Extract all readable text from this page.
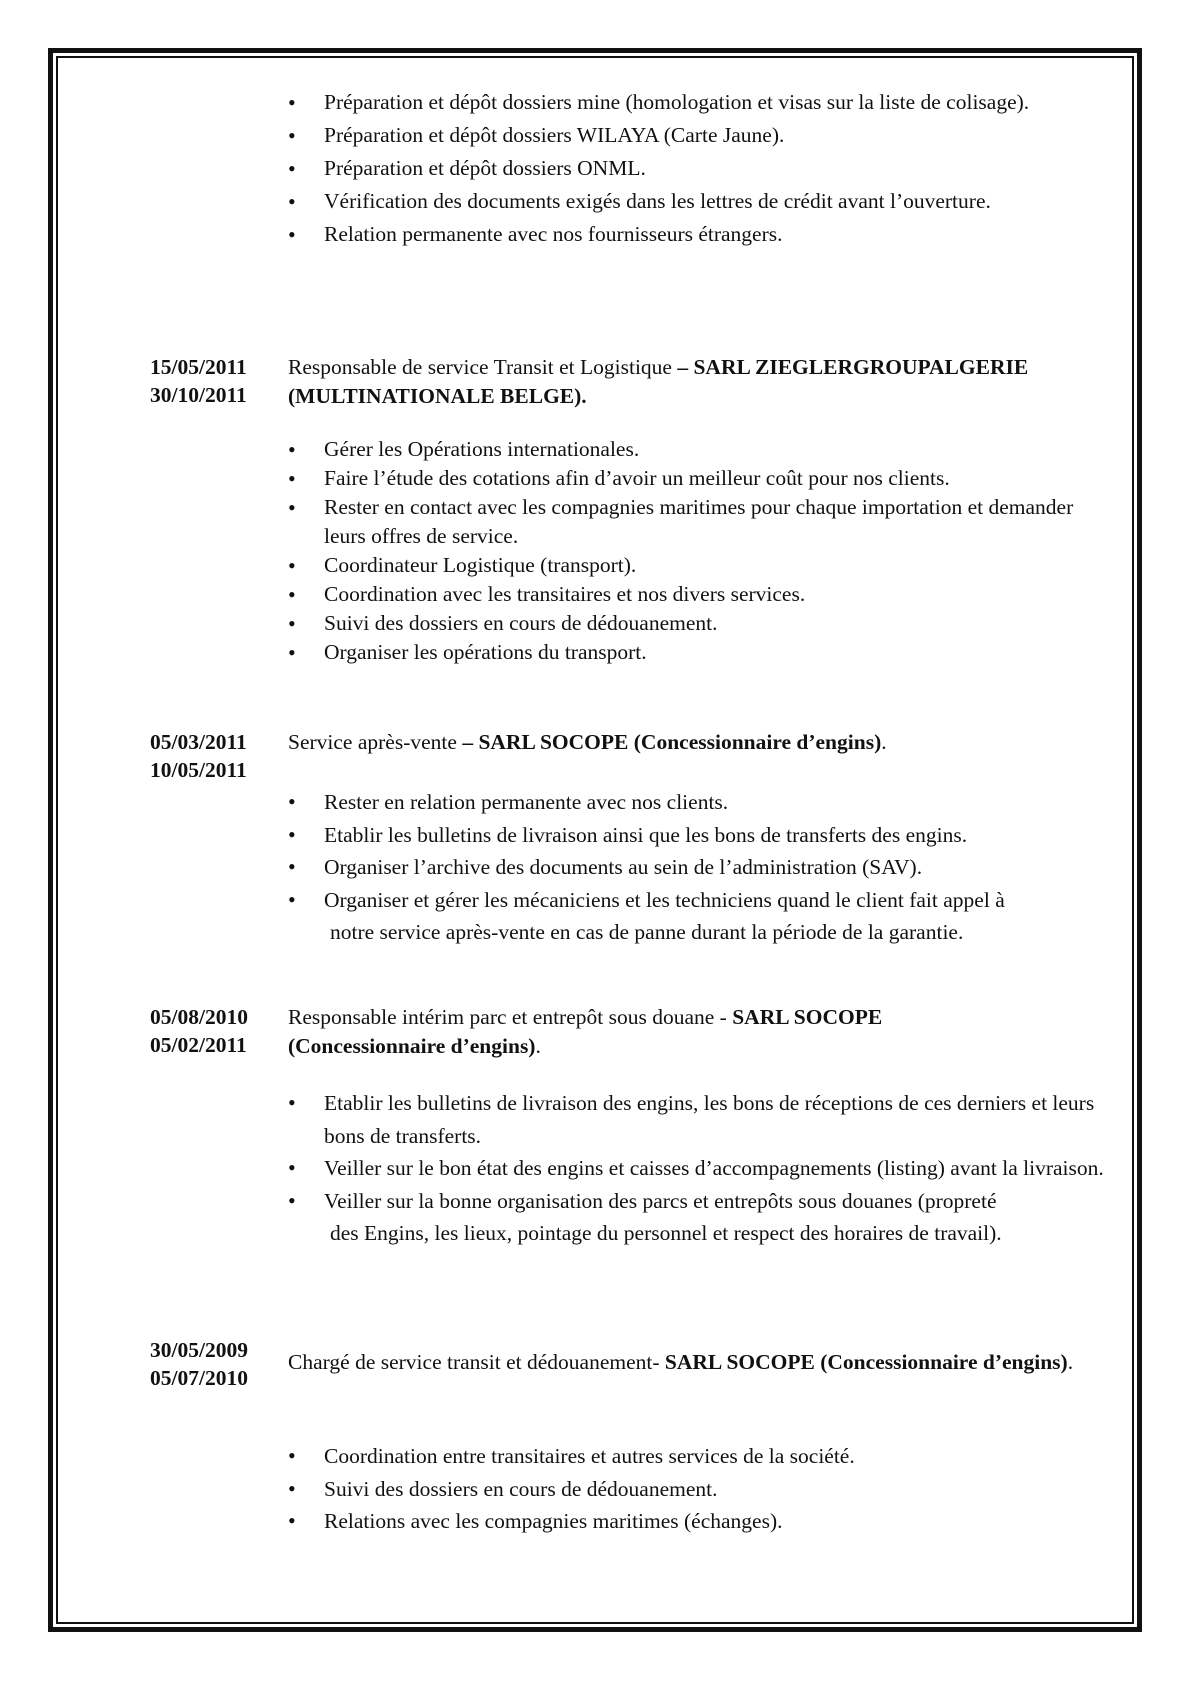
• Préparation et dépôt dossiers mine (homologation et visas sur la liste de colisage).
• Préparation et dépôt dossiers WILAYA (Carte Jaune).
• Préparation et dépôt dossiers ONML.
• Vérification des documents exigés dans les lettres de crédit avant l’ouverture.
• Relation permanente avec nos fournisseurs étrangers.
15/05/2011
30/10/2011
Responsable de service Transit et Logistique – SARL ZIEGLERGROUPALGERIE (MULTINATIONALE BELGE).
• Gérer les Opérations internationales.
• Faire l’étude des cotations afin d’avoir un meilleur coût pour nos clients.
• Rester en contact avec les compagnies maritimes pour chaque importation et demander leurs offres de service.
• Coordinateur Logistique (transport).
• Coordination avec les transitaires et nos divers services.
• Suivi des dossiers en cours de dédouanement.
• Organiser les opérations du transport.
05/03/2011
10/05/2011
Service après-vente – SARL SOCOPE (Concessionnaire d’engins).
• Rester en relation permanente avec nos clients.
• Etablir les bulletins de livraison ainsi que les bons de transferts des engins.
• Organiser l’archive des documents au sein de l’administration (SAV).
• Organiser et gérer les mécaniciens et les techniciens quand le client fait appel à
notre service après-vente en cas de panne durant la période de la garantie.
05/08/2010
05/02/2011
Responsable intérim parc et entrepôt sous douane - SARL SOCOPE (Concessionnaire d’engins).
• Etablir les bulletins de livraison des engins, les bons de réceptions de ces derniers et leurs bons de transferts.
• Veiller sur le bon état des engins et caisses d’accompagnements (listing) avant la livraison.
• Veiller sur la bonne organisation des parcs et entrepôts sous douanes (propreté
des Engins, les lieux, pointage du personnel et respect des horaires de travail).
30/05/2009
05/07/2010
Chargé de service transit et dédouanement- SARL SOCOPE (Concessionnaire d’engins).
• Coordination entre transitaires et autres services de la société.
• Suivi des dossiers en cours de dédouanement.
• Relations avec les compagnies maritimes (échanges).
